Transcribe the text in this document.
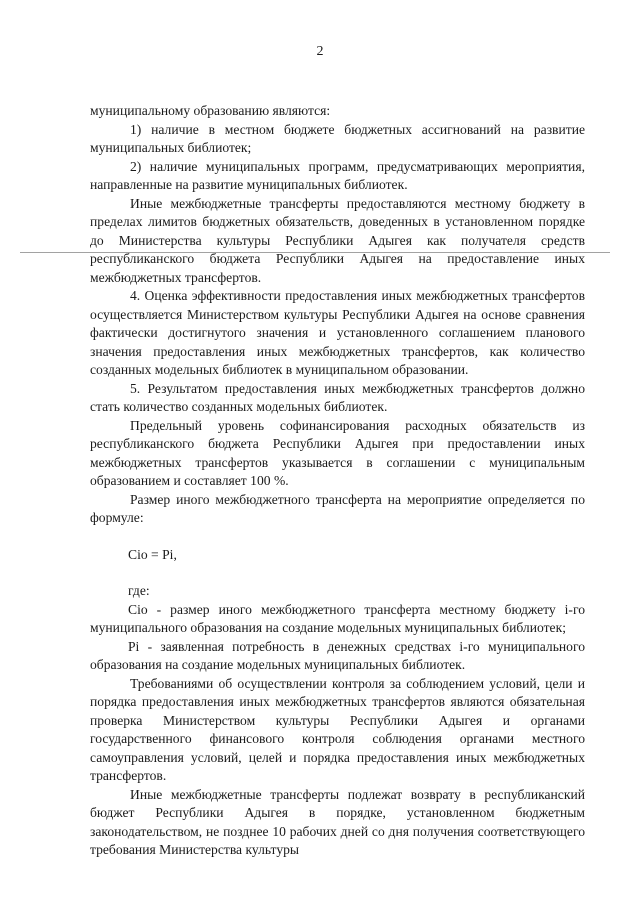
2

муниципальному образованию являются:

1) наличие в местном бюджете бюджетных ассигнований на развитие муниципальных библиотек;

2) наличие муниципальных программ, предусматривающих мероприятия, направленные на развитие муниципальных библиотек.

Иные межбюджетные трансферты предоставляются местному бюджету в пределах лимитов бюджетных обязательств, доведенных в установленном порядке до Министерства культуры Республики Адыгея как получателя средств республиканского бюджета Республики Адыгея на предоставление иных межбюджетных трансфертов.

4. Оценка эффективности предоставления иных межбюджетных трансфертов осуществляется Министерством культуры Республики Адыгея на основе сравнения фактически достигнутого значения и установленного соглашением планового значения предоставления иных межбюджетных трансфертов, как количество созданных модельных библиотек в муниципальном образовании.

5. Результатом предоставления иных межбюджетных трансфертов должно стать количество созданных модельных библиотек.

Предельный уровень софинансирования расходных обязательств из республиканского бюджета Республики Адыгея при предоставлении иных межбюджетных трансфертов указывается в соглашении с муниципальным образованием и составляет 100 %.

Размер иного межбюджетного трансферта на мероприятие определяется по формуле:

Сio = Pi,

где:

Сio - размер иного межбюджетного трансферта местному бюджету i-го муниципального образования на создание модельных муниципальных библиотек;

Pi - заявленная потребность в денежных средствах i-го муниципального образования на создание модельных муниципальных библиотек.

Требованиями об осуществлении контроля за соблюдением условий, цели и порядка предоставления иных межбюджетных трансфертов являются обязательная проверка Министерством культуры Республики Адыгея и органами государственного финансового контроля соблюдения органами местного самоуправления условий, целей и порядка предоставления иных межбюджетных трансфертов.

Иные межбюджетные трансферты подлежат возврату в республиканский бюджет Республики Адыгея в порядке, установленном бюджетным законодательством, не позднее 10 рабочих дней со дня получения соответствующего требования Министерства культуры
